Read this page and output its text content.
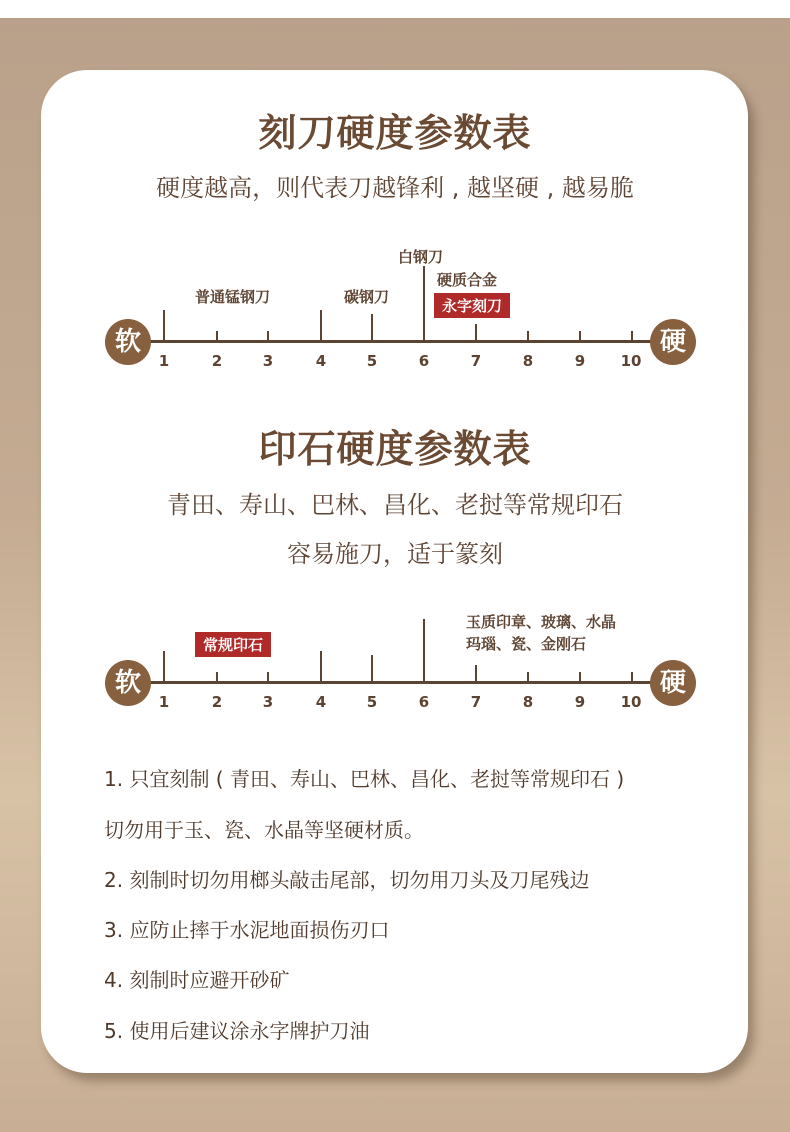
刻刀硬度参数表
硬度越高，则代表刀越锋利 , 越坚硬 , 越易脆
软	硬
1	2	3	4	5	6	7	8	9	10
普通锰钢刀	碳钢刀
白钢刀
硬质合金
永字刻刀
印石硬度参数表
青田、寿山、巴林、昌化、老挝等常规印石
容易施刀，适于篆刻
软	硬
1	2	3	4	5	6	7	8	9	10
常规印石
玉质印章、玻璃、水晶
玛瑙、瓷、金刚石
1. 只宜刻制 ( 青田、寿山、巴林、昌化、老挝等常规印石 )
切勿用于玉、瓷、水晶等坚硬材质。
2. 刻制时切勿用榔头敲击尾部，切勿用刀头及刀尾残边
3. 应防止摔于水泥地面损伤刃口
4. 刻制时应避开砂矿
5. 使用后建议涂永字牌护刀油
